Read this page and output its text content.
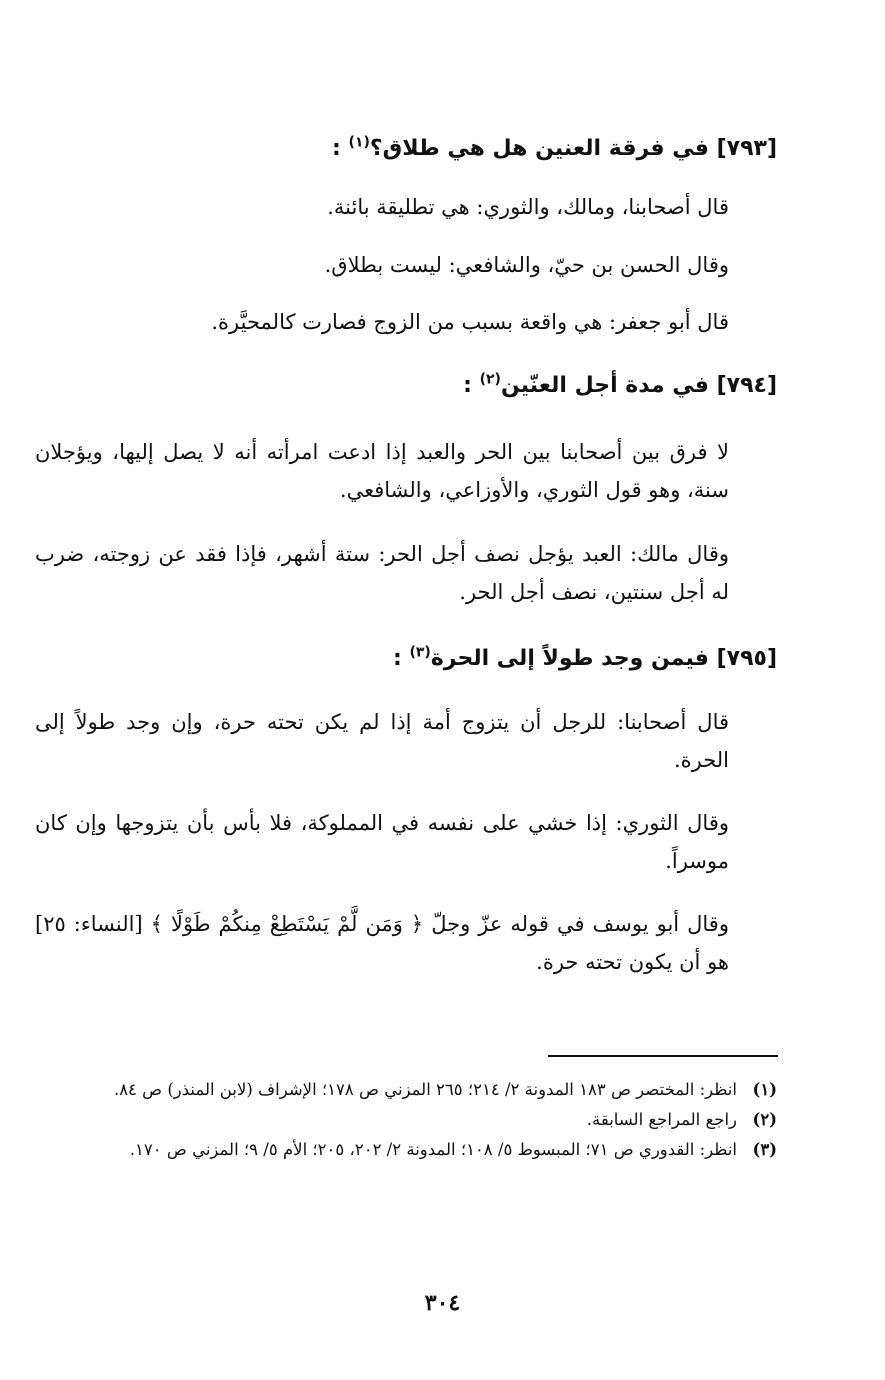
[٧٩٣] في فرقة العنين هل هي طلاق؟$^{(١)}$ :
قال أصحابنا، ومالك، والثوري: هي تطليقة بائنة.
وقال الحسن بن حيّ، والشافعي: ليست بطلاق.
قال أبو جعفر: هي واقعة بسبب من الزوج فصارت كالمحيَّرة.
[٧٩٤] في مدة أجل العنّين$^{(٢)}$ :
لا فرق بين أصحابنا بين الحر والعبد إذا ادعت امرأته أنه لا يصل إليها، ويؤجلان سنة، وهو قول الثوري، والأوزاعي، والشافعي.
وقال مالك: العبد يؤجل نصف أجل الحر: ستة أشهر، فإذا فقد عن زوجته، ضرب له أجل سنتين، نصف أجل الحر.
[٧٩٥] فيمن وجد طولاً إلى الحرة$^{(٣)}$ :
قال أصحابنا: للرجل أن يتزوج أمة إذا لم يكن تحته حرة، وإن وجد طولاً إلى الحرة.
وقال الثوري: إذا خشي على نفسه في المملوكة، فلا بأس بأن يتزوجها وإن كان موسراً.
وقال أبو يوسف في قوله عزّ وجلّ ﴿ وَمَن لَّمْ يَسْتَطِعْ مِنكُمْ طَوْلًا ﴾ [النساء: ٢٥] هو أن يكون تحته حرة.
(١)
انظر: المختصر ص ١٨٣ المدونة ٢/ ٢١٤؛ ٢٦٥ المزني ص ١٧٨؛ الإشراف (لابن المنذر) ص ٨٤.
(٢)
راجع المراجع السابقة.
(٣)
انظر: القدوري ص ٧١؛ المبسوط ٥/ ١٠٨؛ المدونة ٢/ ٢٠٢، ٢٠٥؛ الأم ٥/ ٩؛ المزني ص ١٧٠.
٣٠٤
